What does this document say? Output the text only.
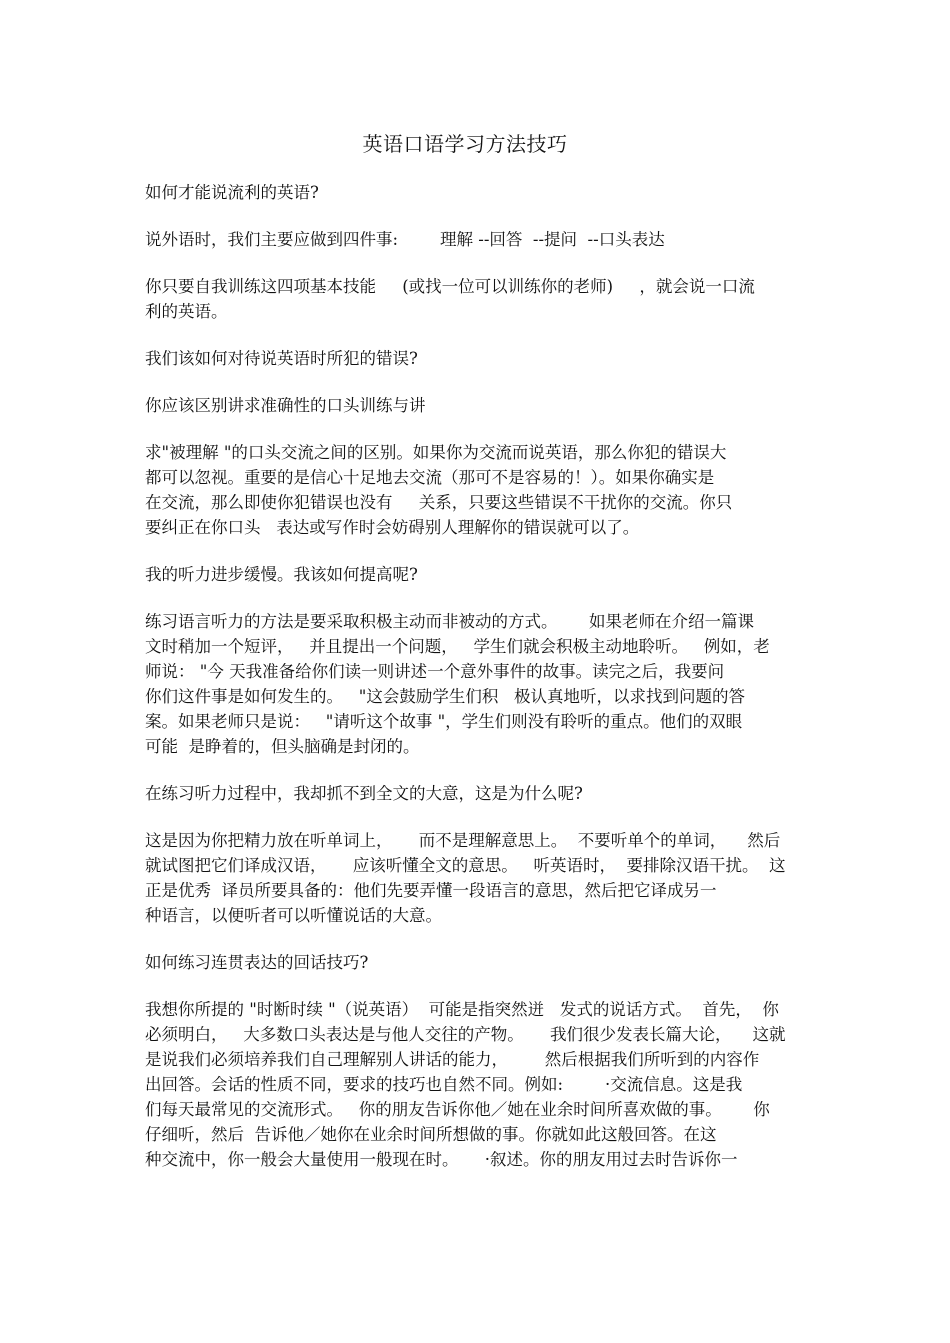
英语口语学习方法技巧
如何才能说流利的英语?
说外语时，我们主要应做到四件事:        理解 --回答  --提问  --口头表达
你只要自我训练这四项基本技能     (或找一位可以训练你的老师)     ，就会说一口流
利的英语。
我们该如何对待说英语时所犯的错误?
你应该区别讲求准确性的口头训练与讲
求"被理解 "的口头交流之间的区别。如果你为交流而说英语，那么你犯的错误大
都可以忽视。重要的是信心十足地去交流（那可不是容易的！）。如果你确实是
在交流，那么即使你犯错误也没有     关系，只要这些错误不干扰你的交流。你只
要纠正在你口头   表达或写作时会妨碍别人理解你的错误就可以了。
我的听力进步缓慢。我该如何提高呢?
练习语言听力的方法是要采取积极主动而非被动的方式。      如果老师在介绍一篇课
文时稍加一个短评，   并且提出一个问题，   学生们就会积极主动地聆听。   例如，老
师说： "今 天我准备给你们读一则讲述一个意外事件的故事。读完之后，我要问
你们这件事是如何发生的。   "这会鼓励学生们积   极认真地听，以求找到问题的答
案。如果老师只是说：   "请听这个故事 "，学生们则没有聆听的重点。他们的双眼
可能  是睁着的，但头脑确是封闭的。
在练习听力过程中，我却抓不到全文的大意，这是为什么呢?
这是因为你把精力放在听单词上，     而不是理解意思上。  不要听单个的单词，    然后
就试图把它们译成汉语，     应该听懂全文的意思。   听英语时，  要排除汉语干扰。  这
正是优秀  译员所要具备的：他们先要弄懂一段语言的意思，然后把它译成另一
种语言，以便听者可以听懂说话的大意。
如何练习连贯表达的回话技巧?
我想你所提的 "时断时续 "（说英语）  可能是指突然迸   发式的说话方式。  首先，  你
必须明白，   大多数口头表达是与他人交往的产物。     我们很少发表长篇大论，    这就
是说我们必须培养我们自己理解别人讲话的能力，       然后根据我们所听到的内容作
出回答。会话的性质不同，要求的技巧也自然不同。例如:        ·交流信息。这是我
们每天最常见的交流形式。   你的朋友告诉你他／她在业余时间所喜欢做的事。      你
仔细听，然后  告诉他／她你在业余时间所想做的事。你就如此这般回答。在这
种交流中，你一般会大量使用一般现在时。     ·叙述。你的朋友用过去时告诉你一
